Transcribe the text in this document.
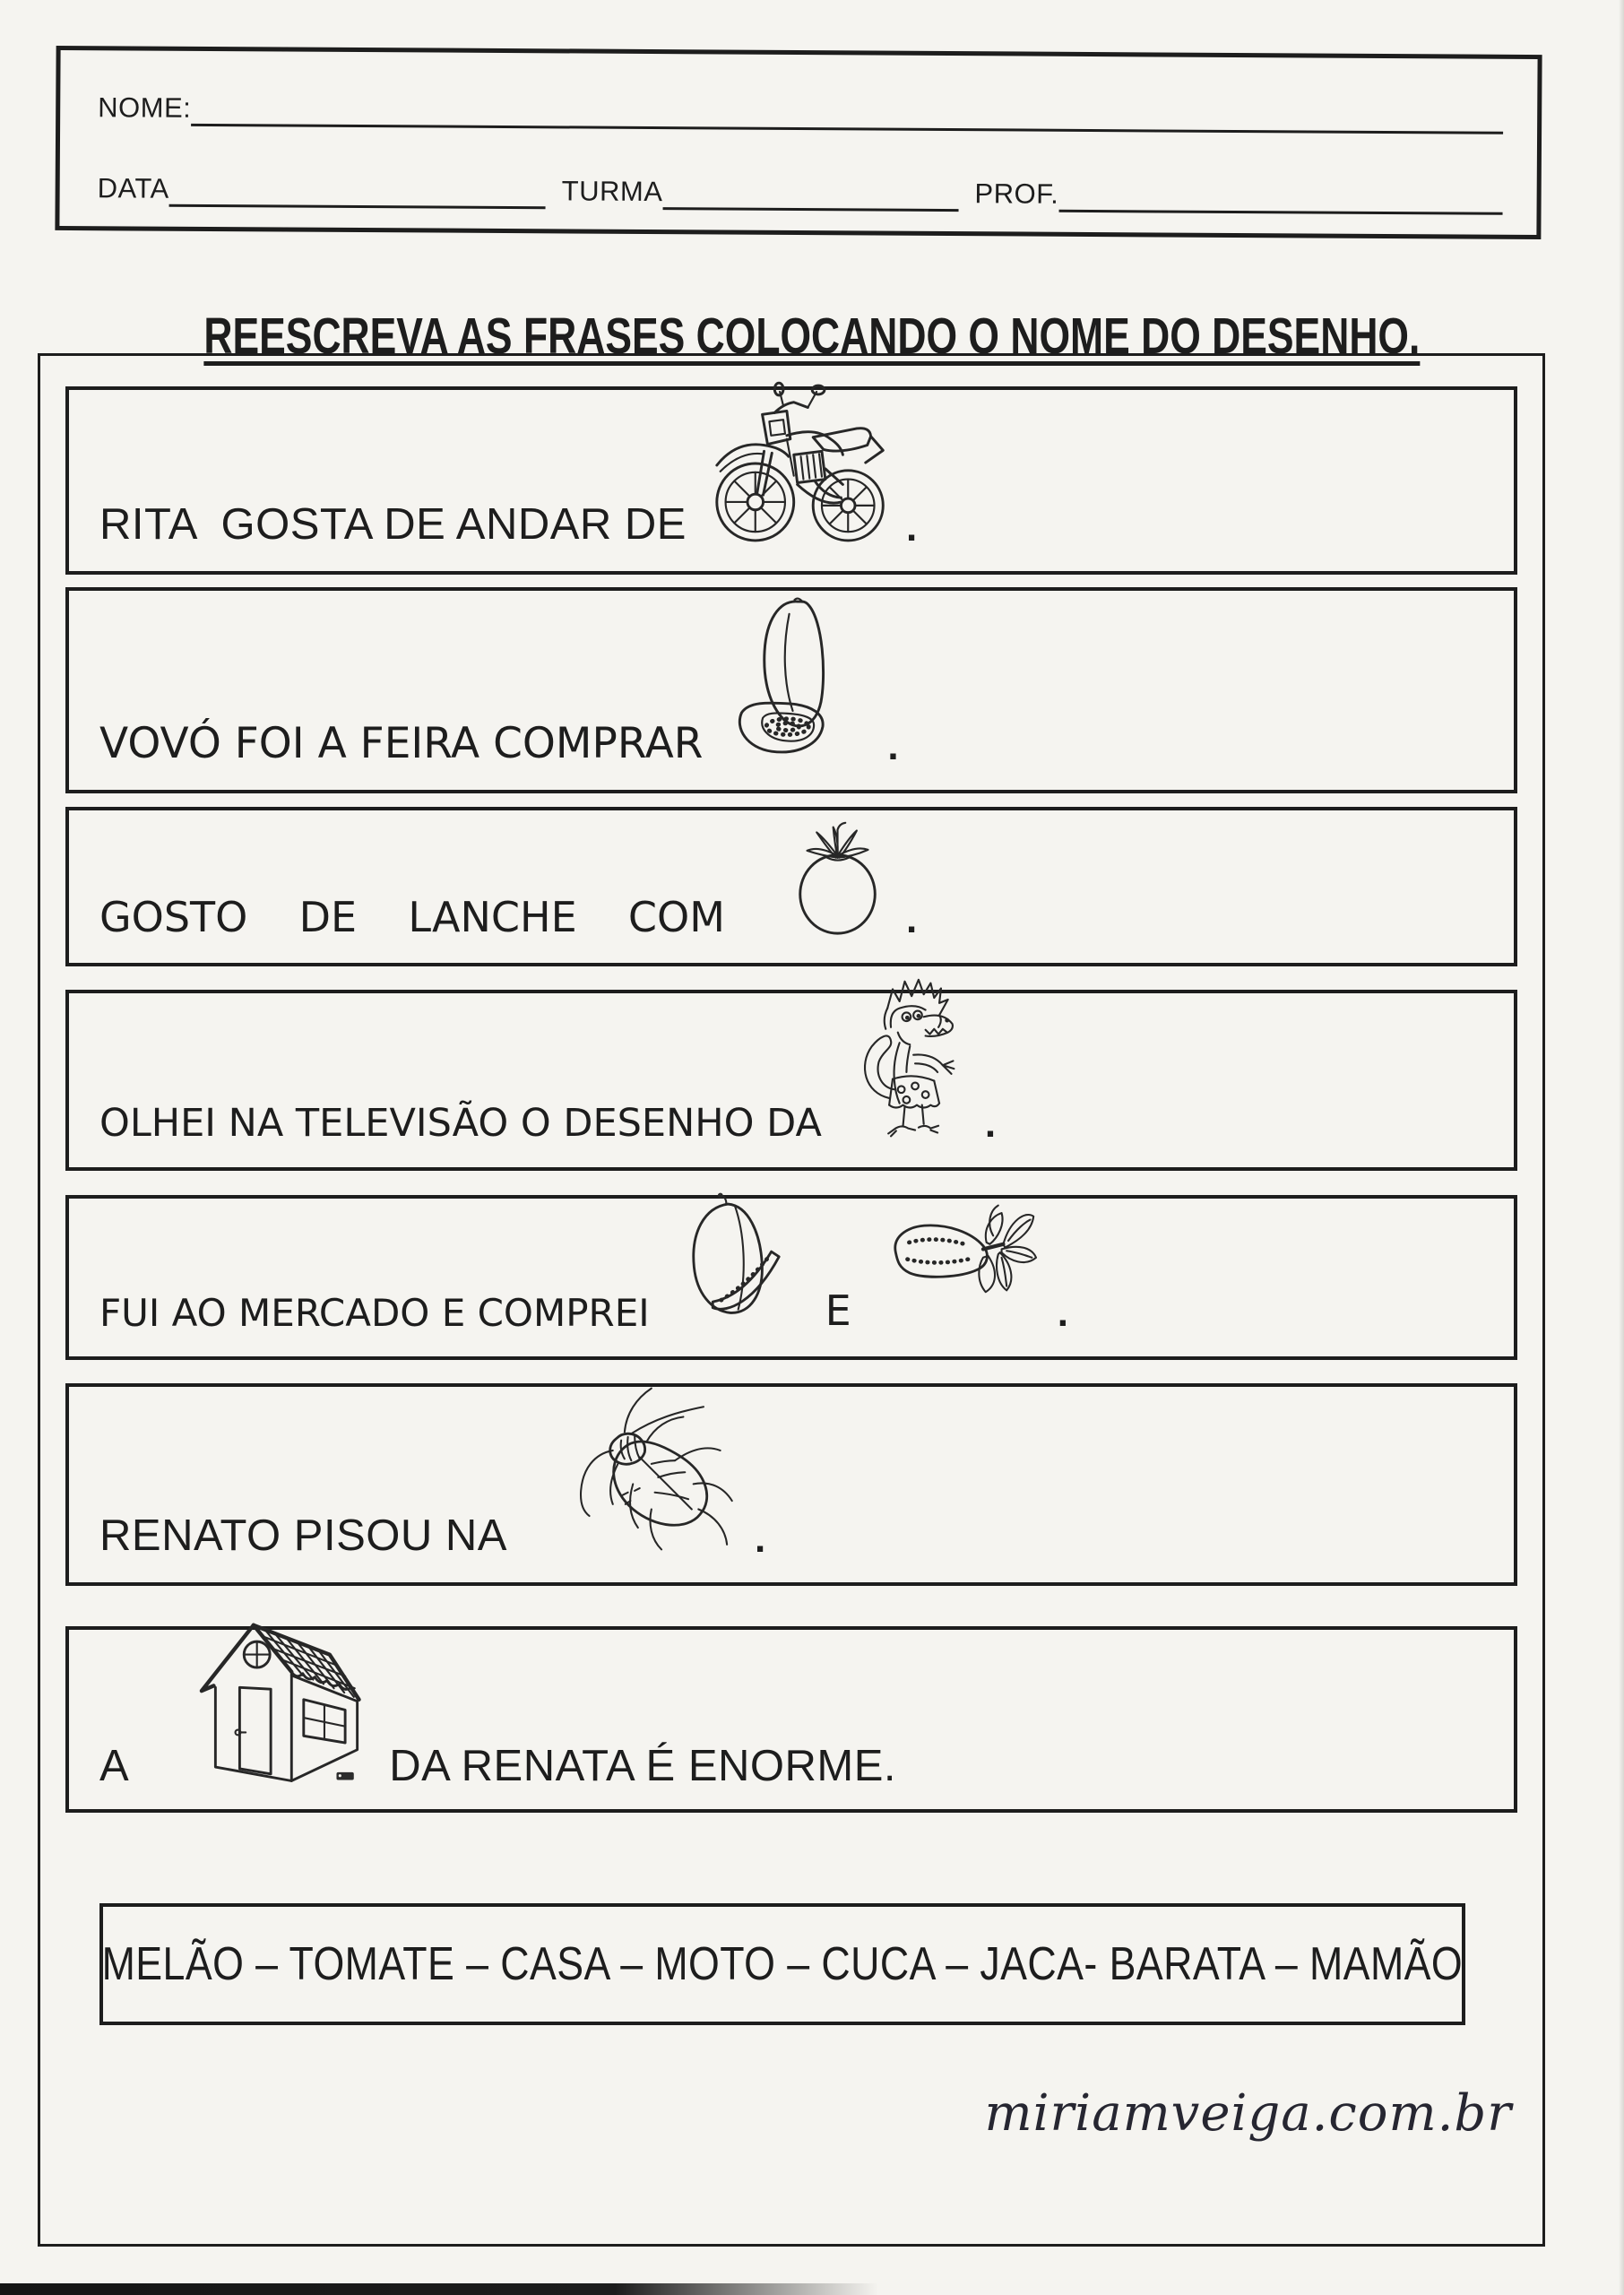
NOME:
DATA	TURMA	PROF.
REESCREVA AS FRASES COLOCANDO O NOME DO DESENHO.
RITA  GOSTA DE ANDAR DE	.
VOVÓ FOI A FEIRA COMPRAR	.
GOSTO  DE  LANCHE  COM	.
OLHEI NA TELEVISÃO O DESENHO DA	.
FUI AO MERCADO E COMPREI	E	.
RENATO PISOU NA	.
A	DA RENATA É ENORME.
MELÃO – TOMATE – CASA – MOTO – CUCA – JACA- BARATA – MAMÃO
miriamveiga.com.br
